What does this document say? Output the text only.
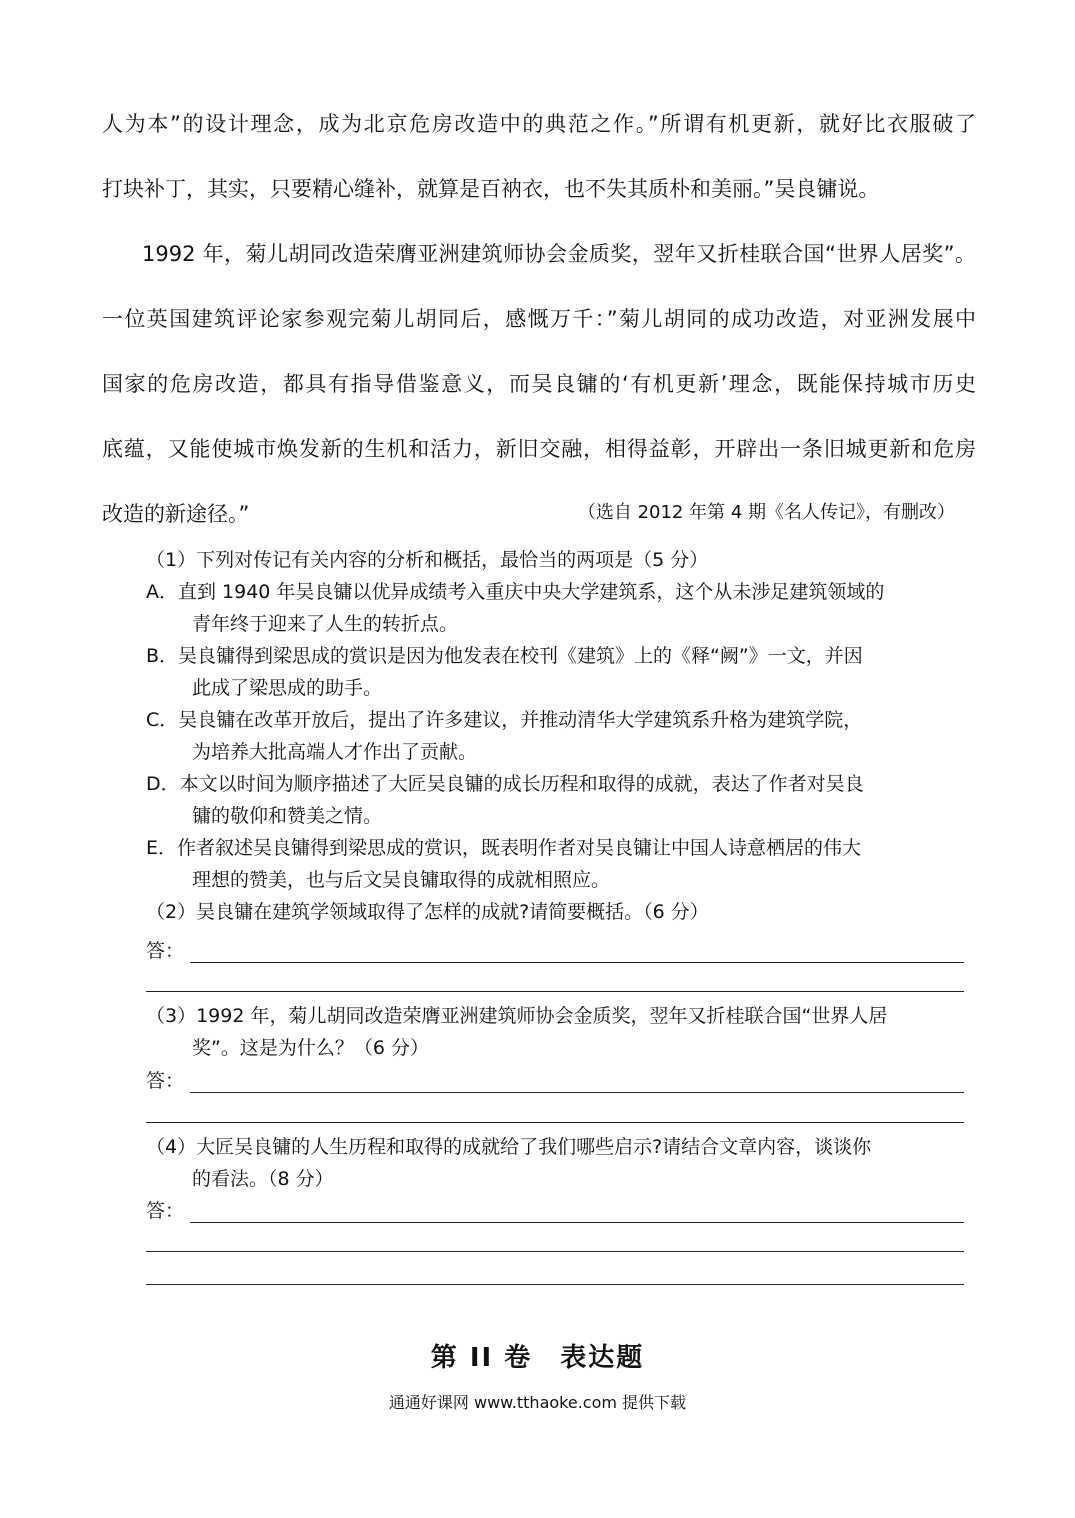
人为本”的设计理念，成为北京危房改造中的典范之作。”所谓有机更新，就好比衣服破了

打块补丁，其实，只要精心缝补，就算是百衲衣，也不失其质朴和美丽。”吴良镛说。

1992 年，菊儿胡同改造荣膺亚洲建筑师协会金质奖，翌年又折桂联合国“世界人居奖”。

一位英国建筑评论家参观完菊儿胡同后，感慨万千：”菊儿胡同的成功改造，对亚洲发展中

国家的危房改造，都具有指导借鉴意义，而吴良镛的‘有机更新’理念，既能保持城市历史

底蕴，又能使城市焕发新的生机和活力，新旧交融，相得益彰，开辟出一条旧城更新和危房

改造的新途径。”	（选自 2012 年第 4 期《名人传记》，有删改）
（1）下列对传记有关内容的分析和概括，最恰当的两项是（5 分）
A．直到 1940 年吴良镛以优异成绩考入重庆中央大学建筑系，这个从未涉足建筑领域的
青年终于迎来了人生的转折点。
B．吴良镛得到梁思成的赏识是因为他发表在校刊《建筑》上的《释“阙”》一文，并因
此成了梁思成的助手。
C．吴良镛在改革开放后，提出了许多建议，并推动清华大学建筑系升格为建筑学院，
为培养大批高端人才作出了贡献。
D．本文以时间为顺序描述了大匠吴良镛的成长历程和取得的成就，表达了作者对吴良
镛的敬仰和赞美之情。
E．作者叙述吴良镛得到梁思成的赏识，既表明作者对吴良镛让中国人诗意栖居的伟大
理想的赞美，也与后文吴良镛取得的成就相照应。
（2）吴良镛在建筑学领域取得了怎样的成就?请简要概括。（6 分）
答：
（3）1992 年，菊儿胡同改造荣膺亚洲建筑师协会金质奖，翌年又折桂联合国“世界人居
奖”。这是为什么？（6 分）
答：
（4）大匠吴良镛的人生历程和取得的成就给了我们哪些启示?请结合文章内容，谈谈你
的看法。（8 分）
答：
第 II 卷　表达题
通通好课网 www.tthaoke.com 提供下载
